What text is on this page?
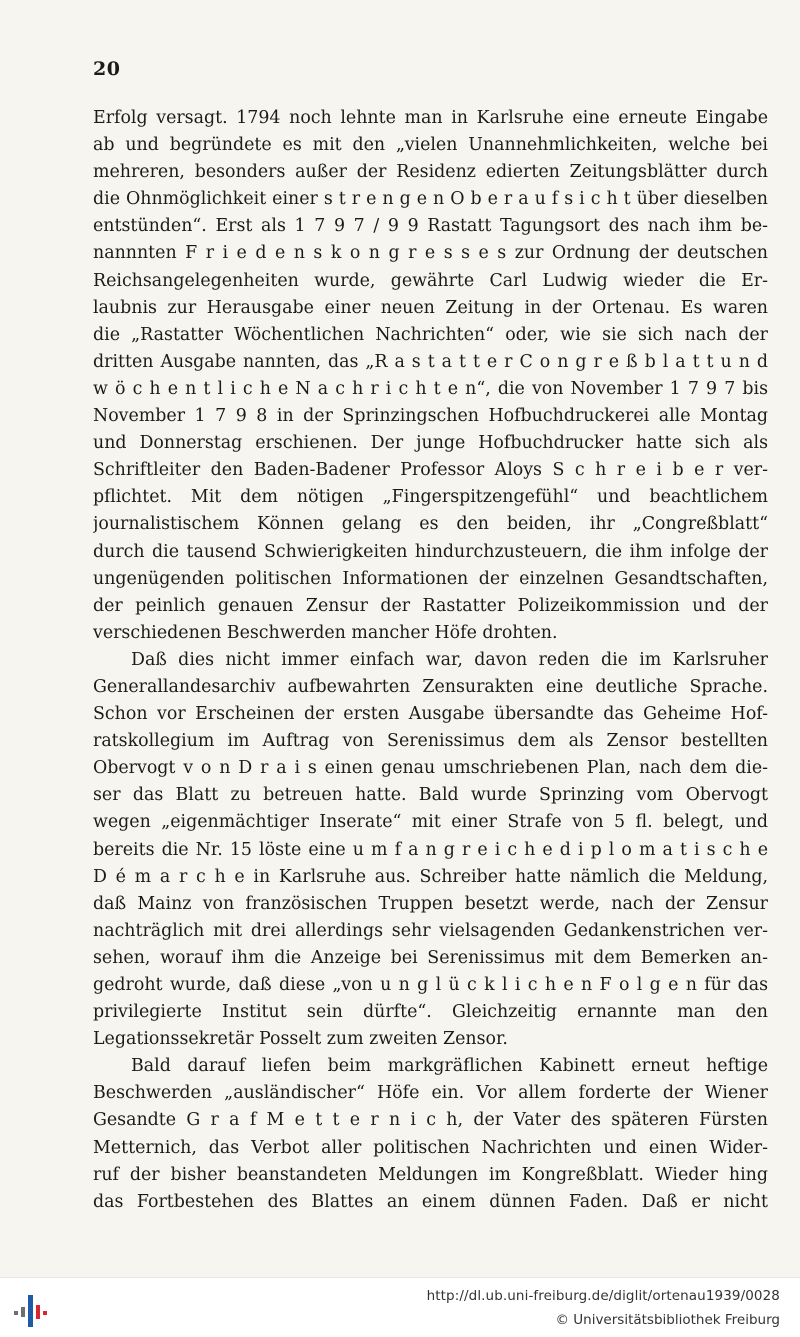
20
Erfolg versagt. 1794 noch lehnte man in Karlsruhe eine erneute Eingabe
ab und begründete es mit den „vielen Unannehmlichkeiten, welche bei
mehreren, besonders außer der Residenz edierten Zeitungsblätter durch
die Ohnmöglichkeit einer s t r e n g e n O b e r a u f s i c h t über dieselben
entstünden“. Erst als 1 7 9 7 / 9 9 Rastatt Tagungsort des nach ihm be-
nannnten F r i e d e n s k o n g r e s s e s zur Ordnung der deutschen
Reichsangelegenheiten wurde, gewährte Carl Ludwig wieder die Er-
laubnis zur Herausgabe einer neuen Zeitung in der Ortenau. Es waren
die „Rastatter Wöchentlichen Nachrichten“ oder, wie sie sich nach der
dritten Ausgabe nannten, das „R a s t a t t e r C o n g r e ß b l a t t u n d
w ö c h e n t l i c h e N a c h r i c h t e n“, die von November 1 7 9 7 bis
November 1 7 9 8 in der Sprinzingschen Hofbuchdruckerei alle Montag
und Donnerstag erschienen. Der junge Hofbuchdrucker hatte sich als
Schriftleiter den Baden-Badener Professor Aloys S c h r e i b e r ver-
pflichtet. Mit dem nötigen „Fingerspitzengefühl“ und beachtlichem
journalistischem Können gelang es den beiden, ihr „Congreßblatt“
durch die tausend Schwierigkeiten hindurchzusteuern, die ihm infolge der
ungenügenden politischen Informationen der einzelnen Gesandtschaften,
der peinlich genauen Zensur der Rastatter Polizeikommission und der
verschiedenen Beschwerden mancher Höfe drohten.
Daß dies nicht immer einfach war, davon reden die im Karlsruher
Generallandesarchiv aufbewahrten Zensurakten eine deutliche Sprache.
Schon vor Erscheinen der ersten Ausgabe übersandte das Geheime Hof-
ratskollegium im Auftrag von Serenissimus dem als Zensor bestellten
Obervogt v o n D r a i s einen genau umschriebenen Plan, nach dem die-
ser das Blatt zu betreuen hatte. Bald wurde Sprinzing vom Obervogt
wegen „eigenmächtiger Inserate“ mit einer Strafe von 5 fl. belegt, und
bereits die Nr. 15 löste eine u m f a n g r e i c h e d i p l o m a t i s c h e
D é m a r c h e in Karlsruhe aus. Schreiber hatte nämlich die Meldung,
daß Mainz von französischen Truppen besetzt werde, nach der Zensur
nachträglich mit drei allerdings sehr vielsagenden Gedankenstrichen ver-
sehen, worauf ihm die Anzeige bei Serenissimus mit dem Bemerken an-
gedroht wurde, daß diese „von u n g l ü c k l i c h e n F o l g e n für das
privilegierte Institut sein dürfte“. Gleichzeitig ernannte man den
Legationssekretär Posselt zum zweiten Zensor.
Bald darauf liefen beim markgräflichen Kabinett erneut heftige
Beschwerden „ausländischer“ Höfe ein. Vor allem forderte der Wiener
Gesandte G r a f M e t t e r n i c h, der Vater des späteren Fürsten
Metternich, das Verbot aller politischen Nachrichten und einen Wider-
ruf der bisher beanstandeten Meldungen im Kongreßblatt. Wieder hing
das Fortbestehen des Blattes an einem dünnen Faden. Daß er nicht
http://dl.ub.uni-freiburg.de/diglit/ortenau1939/0028
© Universitätsbibliothek Freiburg
